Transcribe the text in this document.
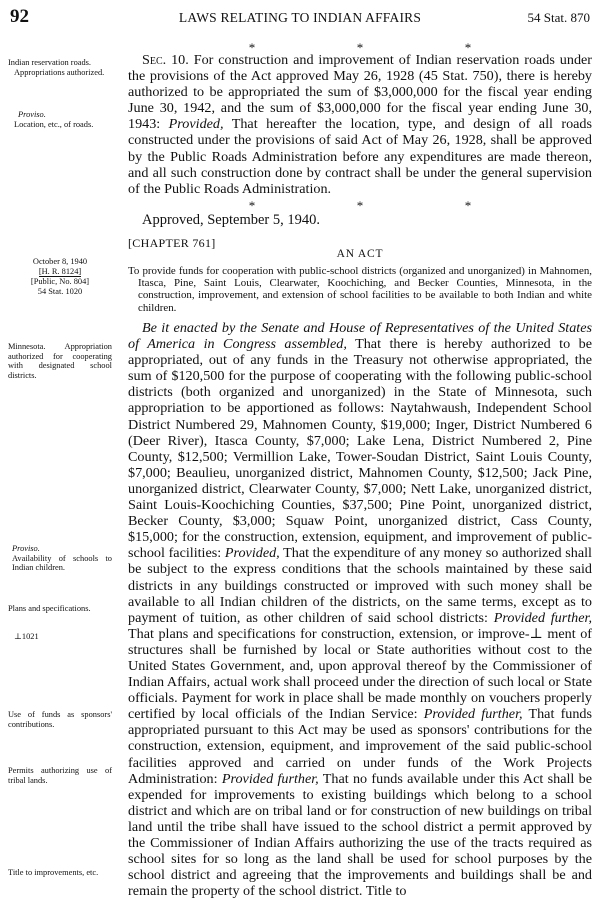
92	LAWS RELATING TO INDIAN AFFAIRS	54 Stat. 870
*	*	*
Indian reservation roads.
Appropriations authorized.
Proviso.
Location, etc., of roads.
Sec. 10. For construction and improvement of Indian reservation roads under the provisions of the Act approved May 26, 1928 (45 Stat. 750), there is hereby authorized to be appropriated the sum of $3,000,000 for the fiscal year ending June 30, 1942, and the sum of $3,000,000 for the fiscal year ending June 30, 1943: Provided, That hereafter the location, type, and design of all roads constructed under the provisions of said Act of May 26, 1928, shall be approved by the Public Roads Administration before any expenditures are made thereon, and all such construction done by contract shall be under the general supervision of the Public Roads Administration.
*	*	*
Approved, September 5, 1940.
[CHAPTER 761]
AN ACT
October 8, 1940
[H. R. 8124]
[Public, No. 804]
54 Stat. 1020
To provide funds for cooperation with public-school districts (organized and unorganized) in Mahnomen, Itasca, Pine, Saint Louis, Clearwater, Koochiching, and Becker Counties, Minnesota, in the construction, improvement, and extension of school facilities to be available to both Indian and white children.
Minnesota. Appropriation authorized for cooperating with designated school districts.
Be it enacted by the Senate and House of Representatives of the United States of America in Congress assembled, That there is hereby authorized to be appropriated, out of any funds in the Treasury not otherwise appropriated, the sum of $120,500 for the purpose of cooperating with the following public-school districts (both organized and unorganized) in the State of Minnesota, such appropriation to be apportioned as follows: Naytahwaush, Independent School District Numbered 29, Mahnomen County, $19,000; Inger, District Numbered 6 (Deer River), Itasca County, $7,000; Lake Lena, District Numbered 2, Pine County, $12,500; Vermillion Lake, Tower-Soudan District, Saint Louis County, $7,000; Beaulieu, unorganized district, Mahnomen County, $12,500; Jack Pine, unorganized district, Clearwater County, $7,000; Nett Lake, unorganized district, Saint Louis-Koochiching Counties, $37,500; Pine Point, unorganized district, Becker County, $3,000; Squaw Point, unorganized district, Cass County, $15,000; for the construction, extension, equipment, and improvement of public-school facilities: Provided, That the expenditure of any money so authorized shall be subject to the express conditions that the schools maintained by these said districts in any buildings constructed or improved with such money shall be available to all Indian children of the districts, on the same terms, except as to payment of tuition, as other children of said school districts: Provided further, That plans and specifications for construction, extension, or improve-⊥ ment of structures shall be furnished by local or State authorities without cost to the United States Government, and, upon approval thereof by the Commissioner of Indian Affairs, actual work shall proceed under the direction of such local or State officials. Payment for work in place shall be made monthly on vouchers properly certified by local officials of the Indian Service: Provided further, That funds appropriated pursuant to this Act may be used as sponsors' contributions for the construction, extension, equipment, and improvement of the said public-school facilities approved and carried on under funds of the Work Projects Administration: Provided further, That no funds available under this Act shall be expended for improvements to existing buildings which belong to a school district and which are on tribal land or for construction of new buildings on tribal land until the tribe shall have issued to the school district a permit approved by the Commissioner of Indian Affairs authorizing the use of the tracts required as school sites for so long as the land shall be used for school purposes by the school district and agreeing that the improvements and buildings shall be and remain the property of the school district. Title to
Proviso.
Availability of schools to Indian children.
Plans and specifications.
⊥1021
Use of funds as sponsors' contributions.
Permits authorizing use of tribal lands.
Title to improvements, etc.
